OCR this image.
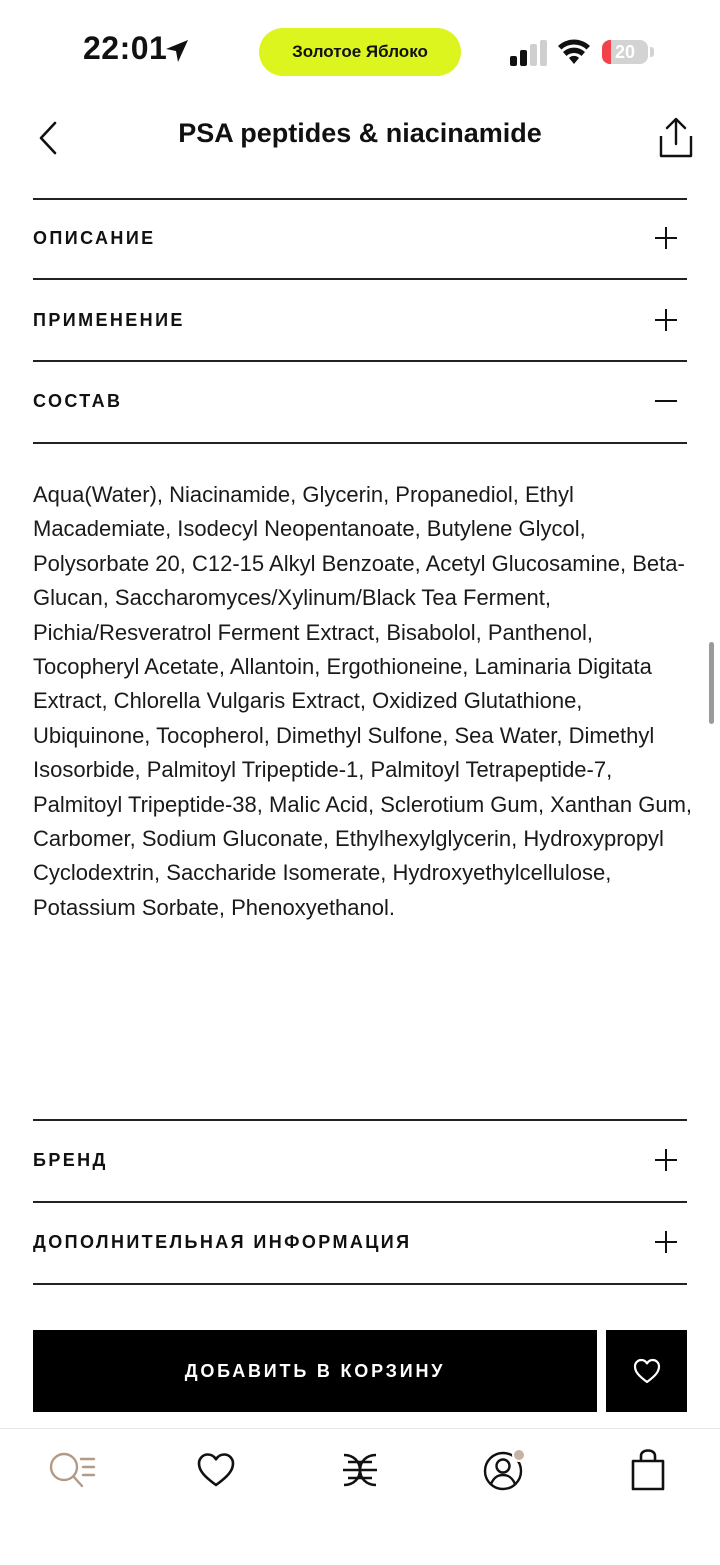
22:01	Золотое Яблоко	20
PSA peptides & niacinamide
ОПИСАНИЕ
ПРИМЕНЕНИЕ
СОСТАВ
Aqua(Water), Niacinamide, Glycerin, Propanediol, Ethyl Macademiate, Isodecyl Neopentanoate, Butylene Glycol, Polysorbate 20, C12-15 Alkyl Benzoate, Acetyl Glucosamine, Beta-Glucan, Saccharomyces/Xylinum/Black Tea Ferment, Pichia/Resveratrol Ferment Extract, Bisabolol, Panthenol, Tocopheryl Acetate, Allantoin, Ergothioneine, Laminaria Digitata Extract, Chlorella Vulgaris Extract, Oxidized Glutathione, Ubiquinone, Tocopherol, Dimethyl Sulfone, Sea Water, Dimethyl Isosorbide, Palmitoyl Tripeptide-1, Palmitoyl Tetrapeptide-7, Palmitoyl Tripeptide-38, Malic Acid, Sclerotium Gum, Xanthan Gum, Carbomer, Sodium Gluconate, Ethylhexylglycerin, Hydroxypropyl Cyclodextrin, Saccharide Isomerate, Hydroxyethylcellulose, Potassium Sorbate, Phenoxyethanol.
БРЕНД
ДОПОЛНИТЕЛЬНАЯ ИНФОРМАЦИЯ
ДОБАВИТЬ В КОРЗИНУ
